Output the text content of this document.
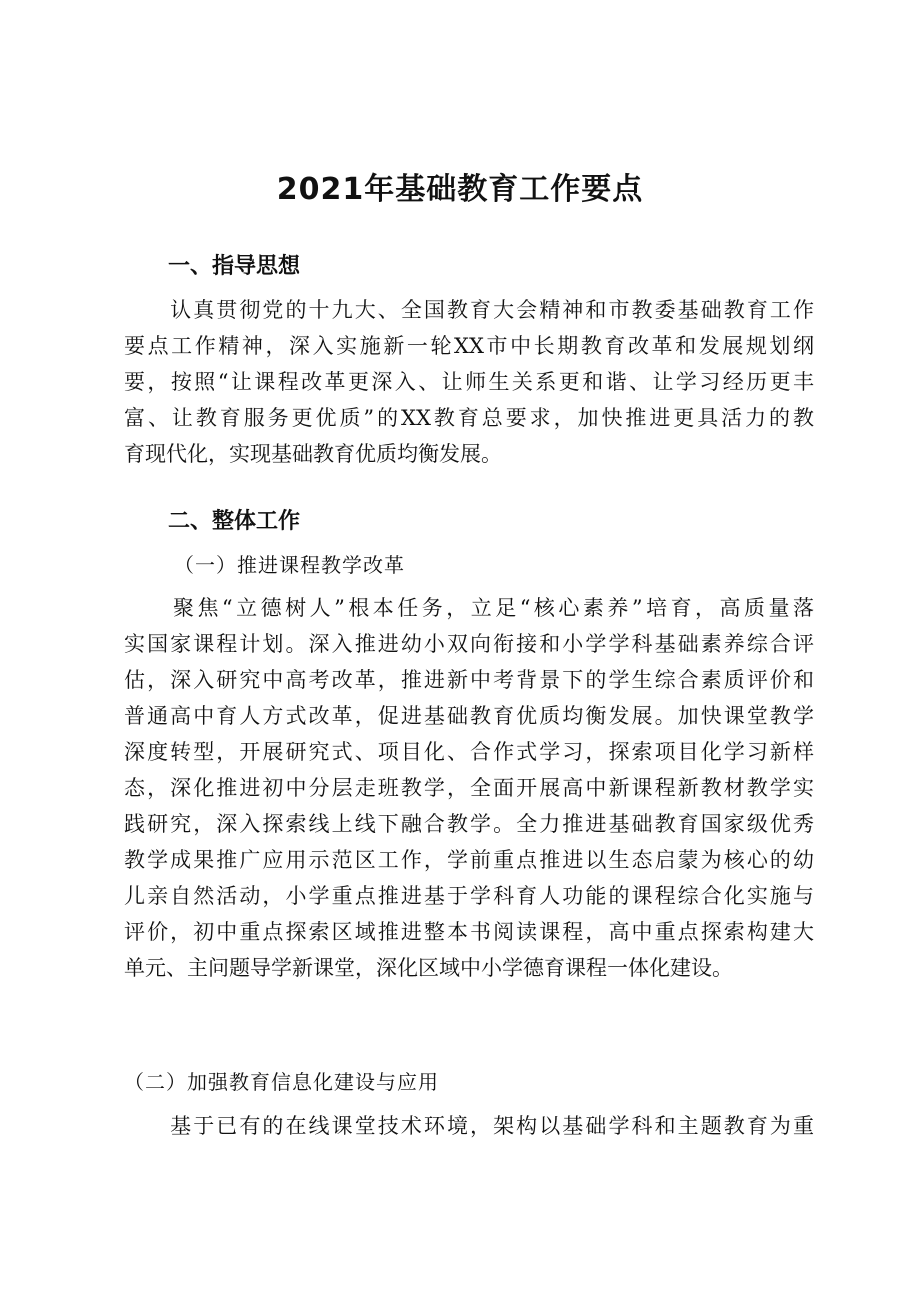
2021年基础教育工作要点
一、指导思想

　　认真贯彻党的十九大、全国教育大会精神和市教委基础教育工作
要点工作精神，深入实施新一轮XX市中长期教育改革和发展规划纲
要，按照“让课程改革更深入、让师生关系更和谐、让学习经历更丰
富、让教育服务更优质”的XX教育总要求，加快推进更具活力的教
育现代化，实现基础教育优质均衡发展。

二、整体工作
（一）推进课程教学改革

　　聚焦“立德树人”根本任务，立足“核心素养”培育，高质量落
实国家课程计划。深入推进幼小双向衔接和小学学科基础素养综合评
估，深入研究中高考改革，推进新中考背景下的学生综合素质评价和
普通高中育人方式改革，促进基础教育优质均衡发展。加快课堂教学
深度转型，开展研究式、项目化、合作式学习，探索项目化学习新样
态，深化推进初中分层走班教学，全面开展高中新课程新教材教学实
践研究，深入探索线上线下融合教学。全力推进基础教育国家级优秀
教学成果推广应用示范区工作，学前重点推进以生态启蒙为核心的幼
儿亲自然活动，小学重点推进基于学科育人功能的课程综合化实施与
评价，初中重点探索区域推进整本书阅读课程，高中重点探索构建大
单元、主问题导学新课堂，深化区域中小学德育课程一体化建设。

（二）加强教育信息化建设与应用

　　基于已有的在线课堂技术环境，架构以基础学科和主题教育为重
